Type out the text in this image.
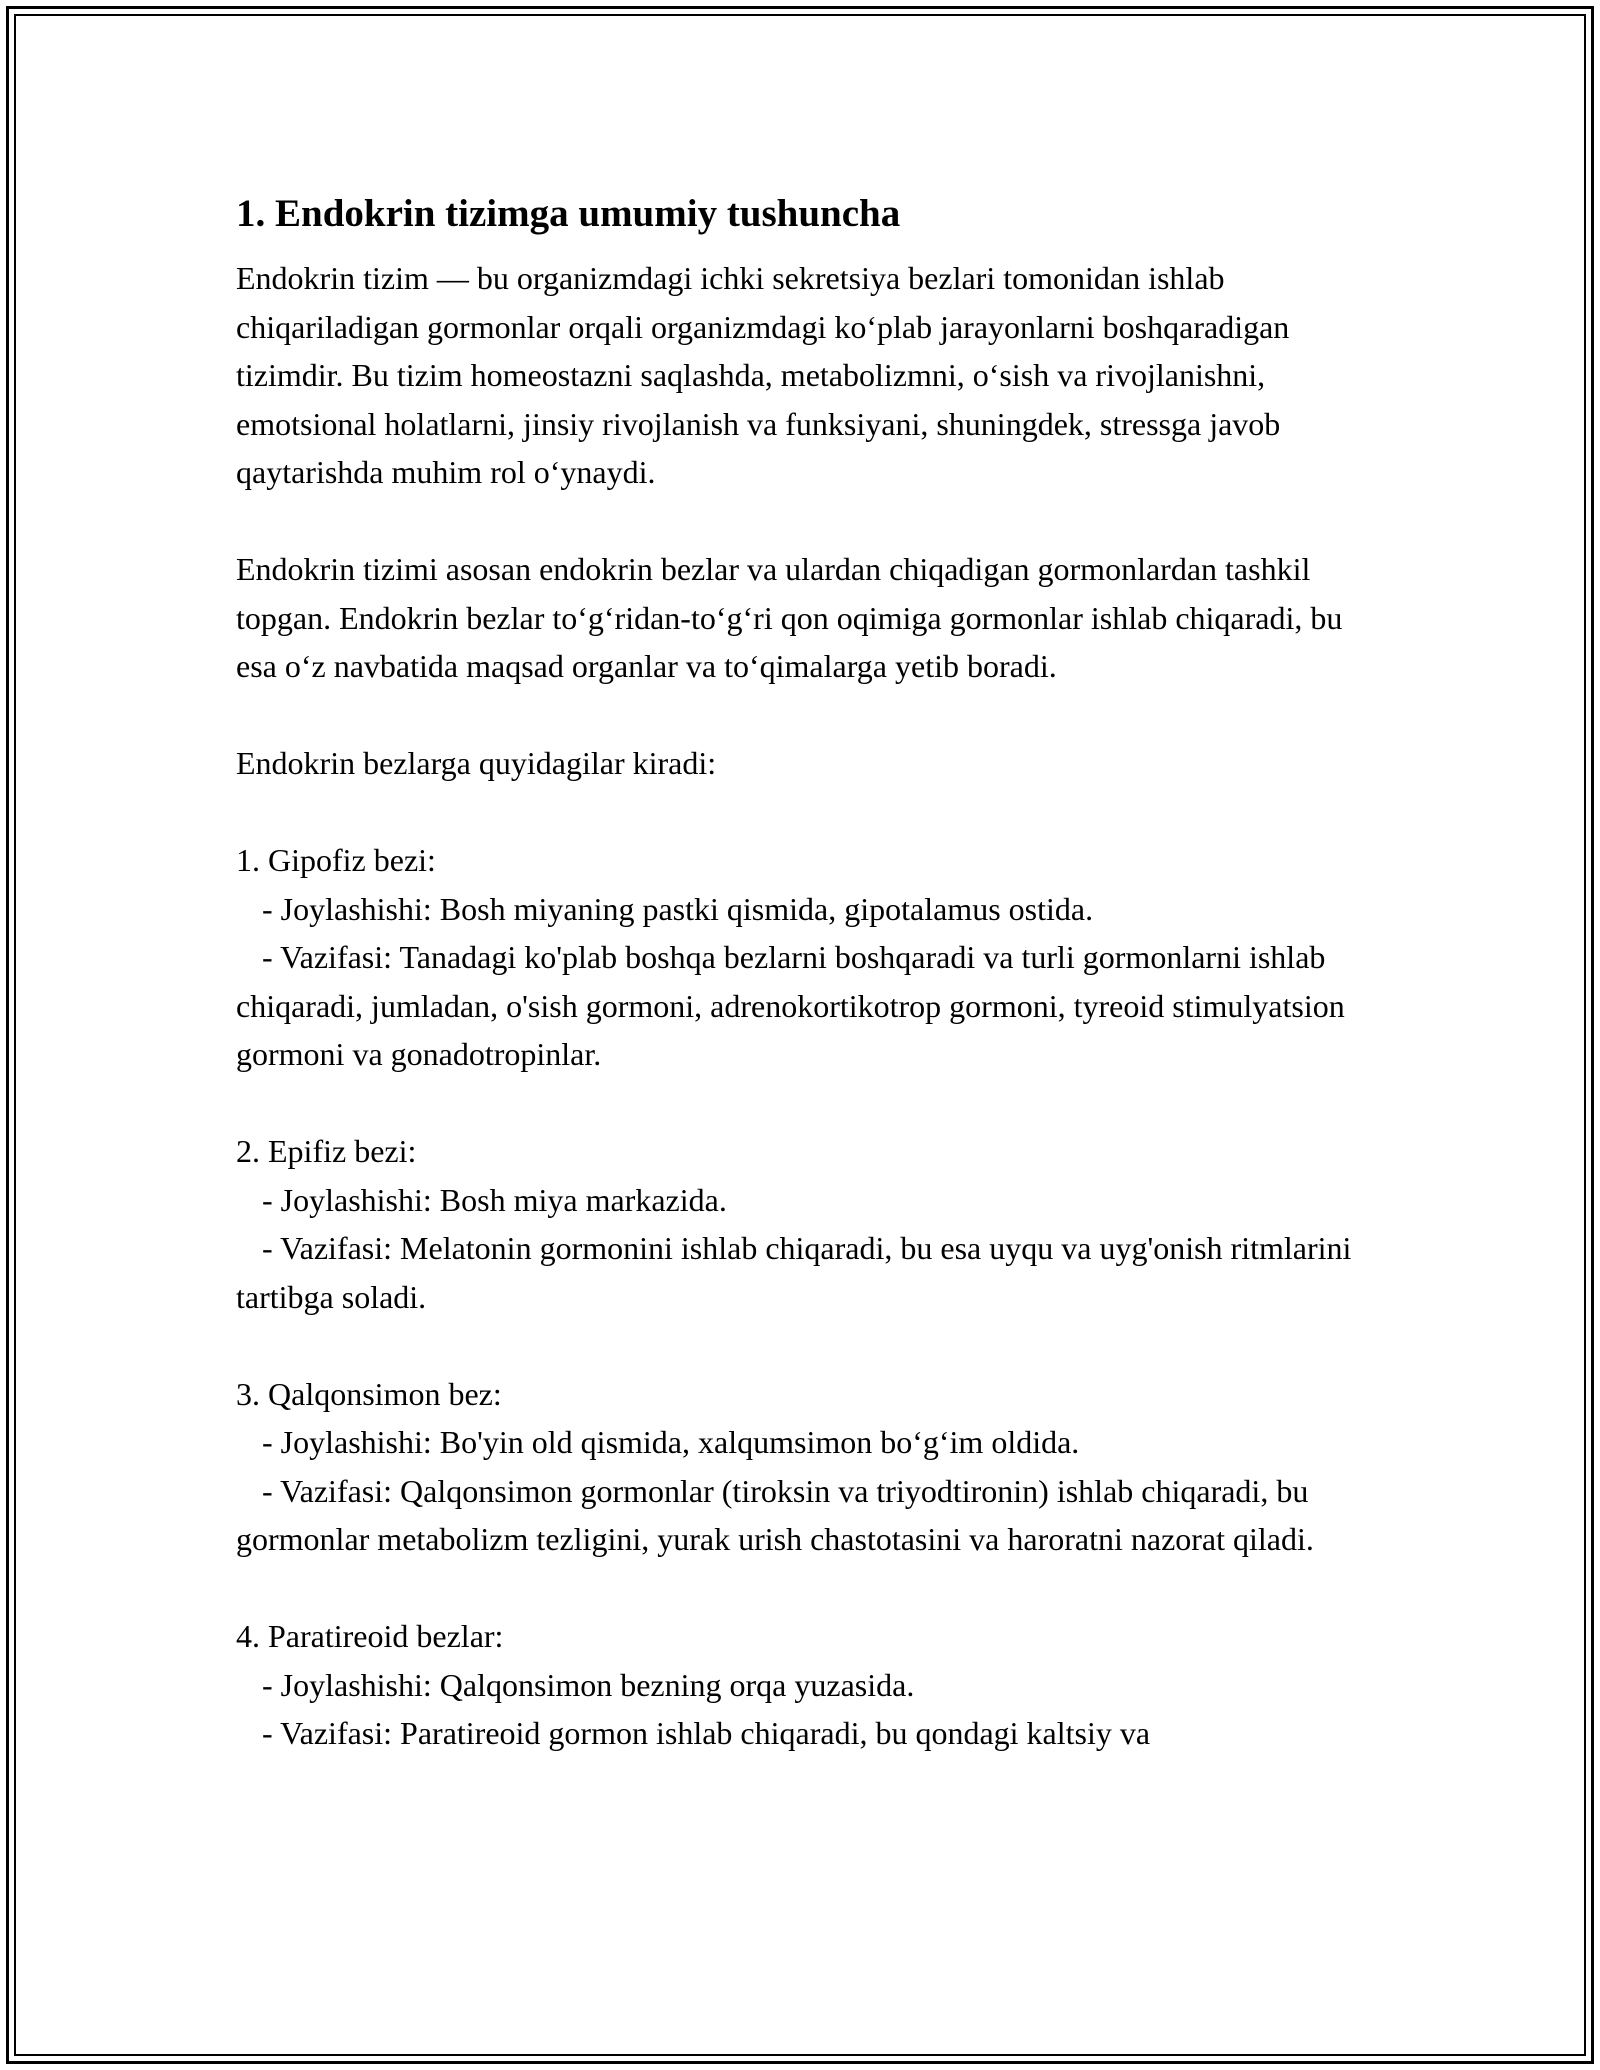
1. Endokrin tizimga umumiy tushuncha

Endokrin tizim — bu organizmdagi ichki sekretsiya bezlari tomonidan ishlab chiqariladigan gormonlar orqali organizmdagi ko‘plab jarayonlarni boshqaradigan tizimdir. Bu tizim homeostazni saqlashda, metabolizmni, o‘sish va rivojlanishni, emotsional holatlarni, jinsiy rivojlanish va funksiyani, shuningdek, stressga javob qaytarishda muhim rol o‘ynaydi.

Endokrin tizimi asosan endokrin bezlar va ulardan chiqadigan gormonlardan tashkil topgan. Endokrin bezlar to‘g‘ridan-to‘g‘ri qon oqimiga gormonlar ishlab chiqaradi, bu esa o‘z navbatida maqsad organlar va to‘qimalarga yetib boradi.

Endokrin bezlarga quyidagilar kiradi:

1. Gipofiz bezi:

- Joylashishi: Bosh miyaning pastki qismida, gipotalamus ostida.

- Vazifasi: Tanadagi ko'plab boshqa bezlarni boshqaradi va turli gormonlarni ishlab chiqaradi, jumladan, o'sish gormoni, adrenokortikotrop gormoni, tyreoid stimulyatsion gormoni va gonadotropinlar.

2. Epifiz bezi:

- Joylashishi: Bosh miya markazida.

- Vazifasi: Melatonin gormonini ishlab chiqaradi, bu esa uyqu va uyg'onish ritmlarini tartibga soladi.

3. Qalqonsimon bez:

- Joylashishi: Bo'yin old qismida, xalqumsimon bo‘g‘im oldida.

- Vazifasi: Qalqonsimon gormonlar (tiroksin va triyodtironin) ishlab chiqaradi, bu gormonlar metabolizm tezligini, yurak urish chastotasini va haroratni nazorat qiladi.

4. Paratireoid bezlar:

- Joylashishi: Qalqonsimon bezning orqa yuzasida.

- Vazifasi: Paratireoid gormon ishlab chiqaradi, bu qondagi kaltsiy va
